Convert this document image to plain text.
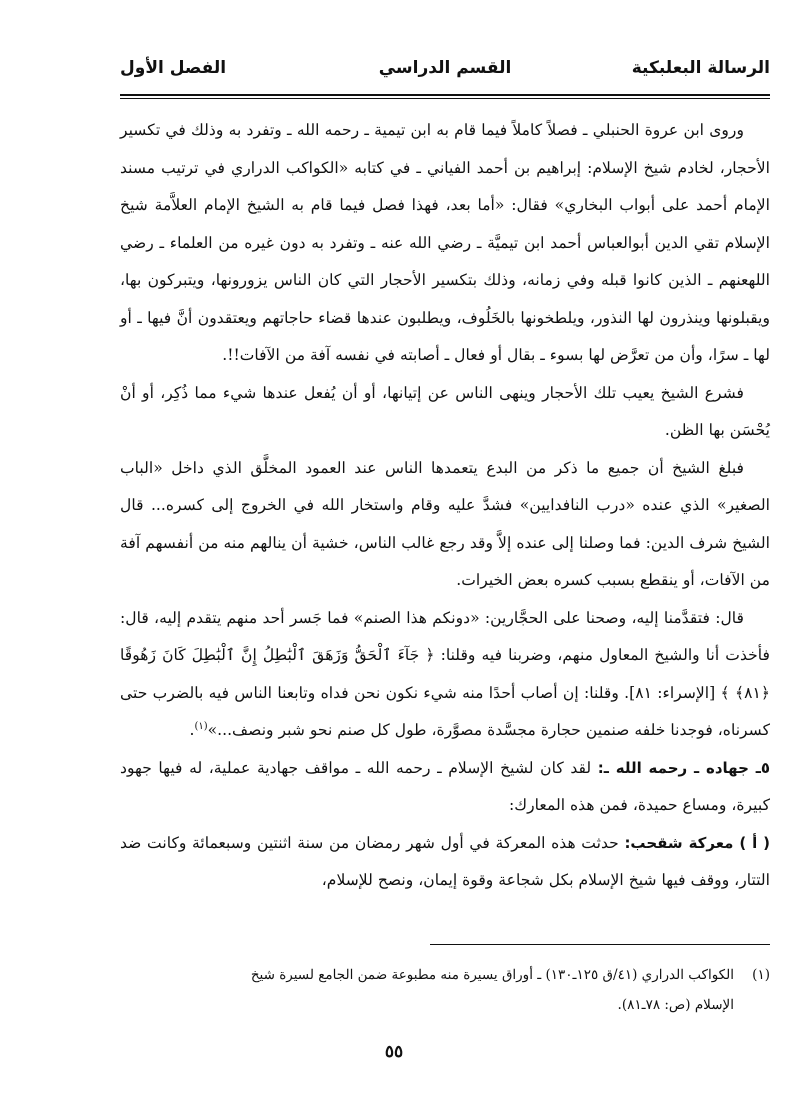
الرسالة البعلبكية
القسم الدراسي
الفصل الأول

وروى ابن عروة الحنبلي ـ فصلاً كاملاً فيما قام به ابن تيمية ـ رحمه الله ـ وتفرد به وذلك في تكسير الأحجار، لخادم شيخ الإسلام: إبراهيم بن أحمد الفياني ـ في كتابه «الكواكب الدراري في ترتيب مسند الإمام أحمد على أبواب البخاري» فقال: «أما بعد، فهذا فصل فيما قام به الشيخ الإمام العلاَّمة شيخ الإسلام تقي الدين أبوالعباس أحمد ابن تيميَّة ـ رضي الله عنه ـ وتفرد به دون غيره من العلماء ـ رضي اللهعنهم ـ الذين كانوا قبله وفي زمانه، وذلك بتكسير الأحجار التي كان الناس يزورونها، ويتبركون بها، ويقبلونها وينذرون لها النذور، ويلطخونها بالخَلُوف، ويطلبون عندها قضاء حاجاتهم ويعتقدون أنَّ فيها ـ أو لها ـ سرًا، وأن من تعرَّض لها بسوء ـ بقال أو فعال ـ أصابته في نفسه آفة من الآفات!!.

فشرع الشيخ يعيب تلك الأحجار وينهى الناس عن إتيانها، أو أن يُفعل عندها شيء مما ذُكِر، أو أنْ يُحْسَن بها الظن.

فبلغ الشيخ أن جميع ما ذكر من البدع يتعمدها الناس عند العمود المخلَّق الذي داخل «الباب الصغير» الذي عنده «درب النافدايين» فشدَّ عليه وقام واستخار الله في الخروج إلى كسره... قال الشيخ شرف الدين: فما وصلنا إلى عنده إلاَّ وقد رجع غالب الناس، خشية أن ينالهم منه من أنفسهم آفة من الآفات، أو ينقطع بسبب كسره بعض الخيرات.

قال: فتقدَّمنا إليه، وصحنا على الحجَّارين: «دونكم هذا الصنم» فما جَسر أحد منهم يتقدم إليه، قال: فأخذت أنا والشيخ المعاول منهم، وضربنا فيه وقلنا: ﴿ جَآءَ ٱلْحَقُّ وَزَهَقَ ٱلْبَٰطِلُ إِنَّ ٱلْبَٰطِلَ كَانَ زَهُوقًا ﴿٨١﴾ ﴾ [الإسراء: ٨١]. وقلنا: إن أصاب أحدًا منه شيء نكون نحن فداه وتابعنا الناس فيه بالضرب حتى كسرناه، فوجدنا خلفه صنمين حجارة مجسَّدة مصوَّرة، طول كل صنم نحو شبر ونصف...»$^{(١)}$.

٥ـ جهاده ـ رحمه الله ـ: لقد كان لشيخ الإسلام ـ رحمه الله ـ مواقف جهادية عملية، له فيها جهود كبيرة، ومساع حميدة، فمن هذه المعارك:

( أ ) معركة شقحب: حدثت هذه المعركة في أول شهر رمضان من سنة اثنتين وسبعمائة وكانت ضد التتار، ووقف فيها شيخ الإسلام بكل شجاعة وقوة إيمان، ونصح للإسلام،

(١)الكواكب الدراري (٤١/ق ١٢٥ـ١٣٠) ـ أوراق يسيرة منه مطبوعة ضمن الجامع لسيرة شيخ
الإسلام (ص: ٧٨ـ٨١).
٥٥
